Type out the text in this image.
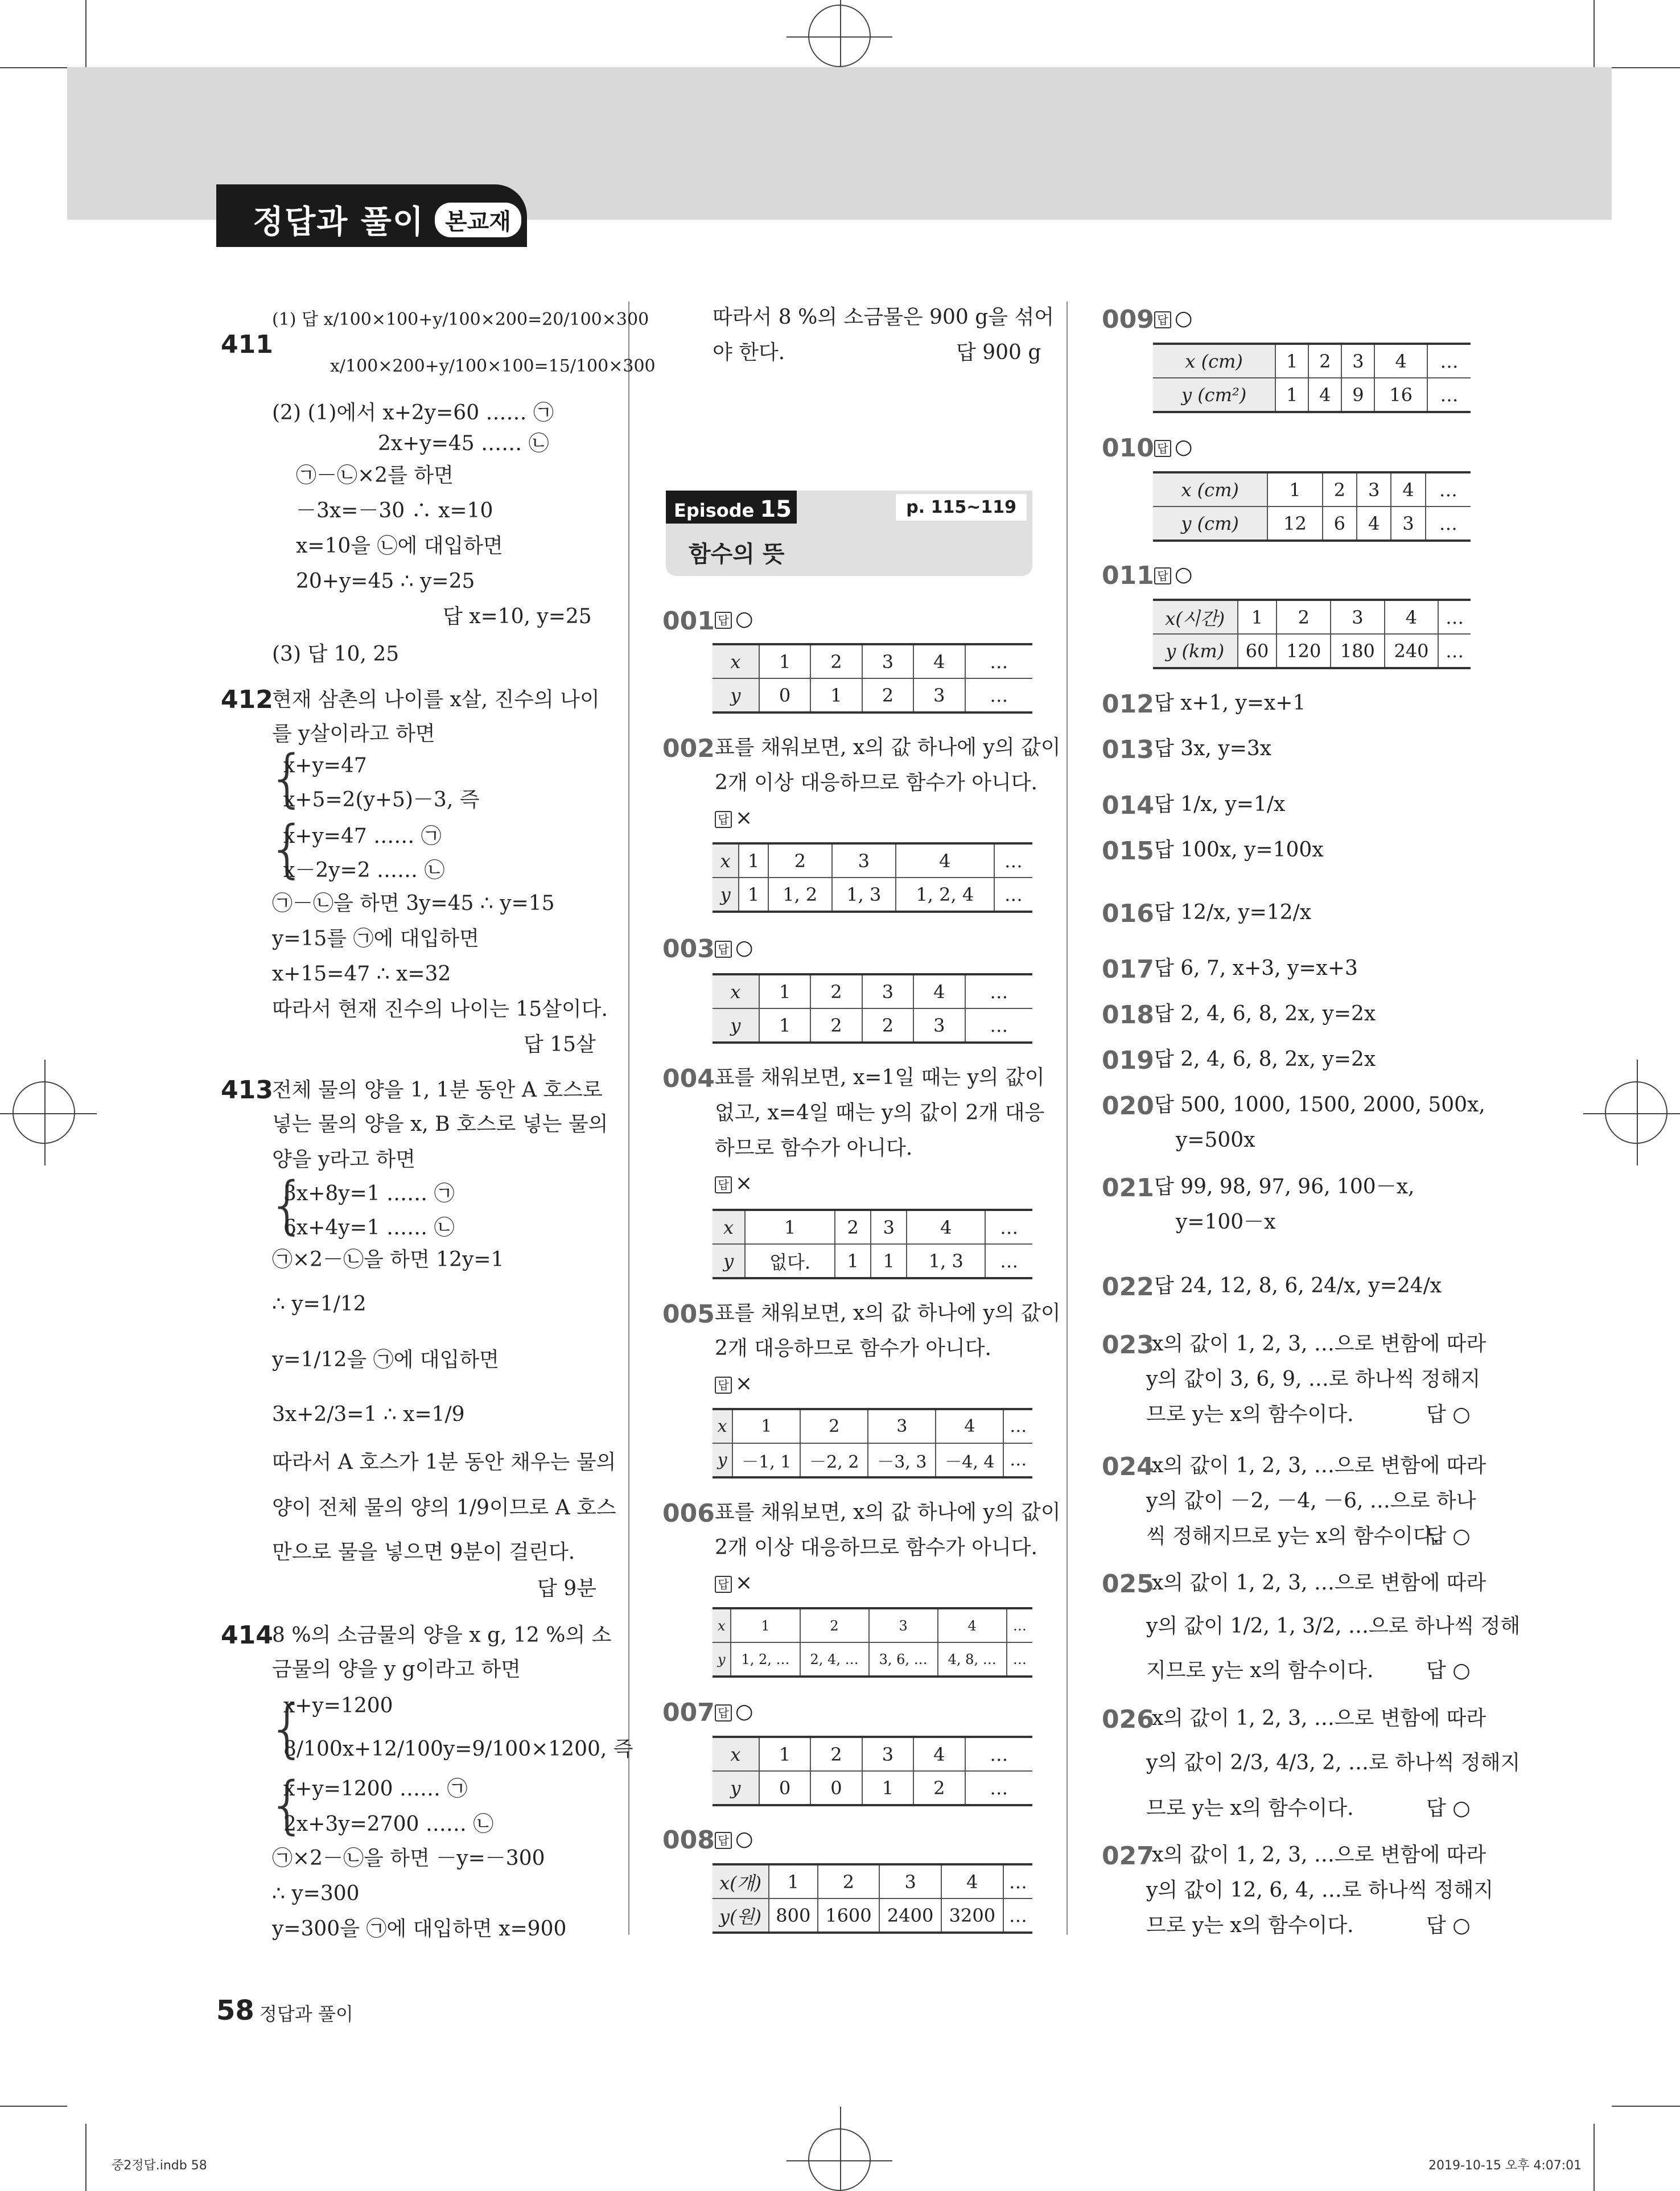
정답과 풀이 본교재
411
(1) 답 x/100×100+y/100×200=20/100×300
x/100×200+y/100×100=15/100×300
(2) (1)에서 x+2y=60 …… ㉠
2x+y=45 …… ㉡
㉠－㉡×2를 하면
－3x=－30 ∴ x=10
x=10을 ㉡에 대입하면
20+y=45 ∴ y=25
답 x=10, y=25
(3) 답 10, 25
412
현재 삼촌의 나이를 x살, 진수의 나이
를 y살이라고 하면
{
x+y=47
x+5=2(y+5)－3, 즉
{
x+y=47 …… ㉠
x－2y=2 …… ㉡
㉠－㉡을 하면 3y=45 ∴ y=15
y=15를 ㉠에 대입하면
x+15=47 ∴ x=32
따라서 현재 진수의 나이는 15살이다.
답 15살
413
전체 물의 양을 1, 1분 동안 A 호스로
넣는 물의 양을 x, B 호스로 넣는 물의
양을 y라고 하면
{
3x+8y=1 …… ㉠
6x+4y=1 …… ㉡
㉠×2－㉡을 하면 12y=1
∴ y=1/12
y=1/12을 ㉠에 대입하면
3x+2/3=1 ∴ x=1/9
따라서 A 호스가 1분 동안 채우는 물의
양이 전체 물의 양의 1/9이므로 A 호스
만으로 물을 넣으면 9분이 걸린다.
답 9분
414
8 %의 소금물의 양을 x g, 12 %의 소
금물의 양을 y g이라고 하면
{
x+y=1200
8/100x+12/100y=9/100×1200, 즉
{
x+y=1200 …… ㉠
2x+3y=2700 …… ㉡
㉠×2－㉡을 하면 －y=－300
∴ y=300
y=300을 ㉠에 대입하면 x=900
따라서 8 %의 소금물은 900 g을 섞어
야 한다.	답 900 g
Episode 15	p. 115~119
함수의 뜻
001 답 ○
x	1	2	3	4	…
y	0	1	2	3	…
002 표를 채워보면, x의 값 하나에 y의 값이
2개 이상 대응하므로 함수가 아니다.
답 ×
x	1	2	3	4	…
y	1	1, 2	1, 3	1, 2, 4	…
003 답 ○
x	1	2	3	4	…
y	1	2	2	3	…
004 표를 채워보면, x=1일 때는 y의 값이
없고, x=4일 때는 y의 값이 2개 대응
하므로 함수가 아니다.
답 ×
x	1	2	3	4	…
y	없다.	1	1	1, 3	…
005 표를 채워보면, x의 값 하나에 y의 값이
2개 대응하므로 함수가 아니다.
답 ×
x	1	2	3	4	…
y	－1, 1	－2, 2	－3, 3	－4, 4	…
006 표를 채워보면, x의 값 하나에 y의 값이
2개 이상 대응하므로 함수가 아니다.
답 ×
x	1	2	3	4	…
y	1, 2, …	2, 4, …	3, 6, …	4, 8, …	…
007 답 ○
x	1	2	3	4	…
y	0	0	1	2	…
008 답 ○
x(개)	1	2	3	4	…
y(원)	800	1600	2400	3200	…
009 답 ○
x (cm)	1	2	3	4	…
y (cm²)	1	4	9	16	…
010 답 ○
x (cm)	1	2	3	4	…
y (cm)	12	6	4	3	…
011 답 ○
x(시간)	1	2	3	4	…
y (km)	60	120	180	240	…
012 답 x+1, y=x+1
013 답 3x, y=3x
014 답 1/x, y=1/x
015 답 100x, y=100x
016 답 12/x, y=12/x
017 답 6, 7, x+3, y=x+3
018 답 2, 4, 6, 8, 2x, y=2x
019 답 2, 4, 6, 8, 2x, y=2x
020 답 500, 1000, 1500, 2000, 500x,
y=500x
021 답 99, 98, 97, 96, 100－x,
y=100－x
022 답 24, 12, 8, 6, 24/x, y=24/x
023
x의 값이 1, 2, 3, …으로 변함에 따라
y의 값이 3, 6, 9, …로 하나씩 정해지
므로 y는 x의 함수이다.	답 ○
024
x의 값이 1, 2, 3, …으로 변함에 따라
y의 값이 －2, －4, －6, …으로 하나
씩 정해지므로 y는 x의 함수이다.
답 ○
025
x의 값이 1, 2, 3, …으로 변함에 따라
y의 값이 1/2, 1, 3/2, …으로 하나씩 정해
지므로 y는 x의 함수이다.	답 ○
026
x의 값이 1, 2, 3, …으로 변함에 따라
y의 값이 2/3, 4/3, 2, …로 하나씩 정해지
므로 y는 x의 함수이다.	답 ○
027
x의 값이 1, 2, 3, …으로 변함에 따라
y의 값이 12, 6, 4, …로 하나씩 정해지
므로 y는 x의 함수이다.	답 ○
58 정답과 풀이
중2정답.indb 58	2019-10-15 오후 4:07:01
